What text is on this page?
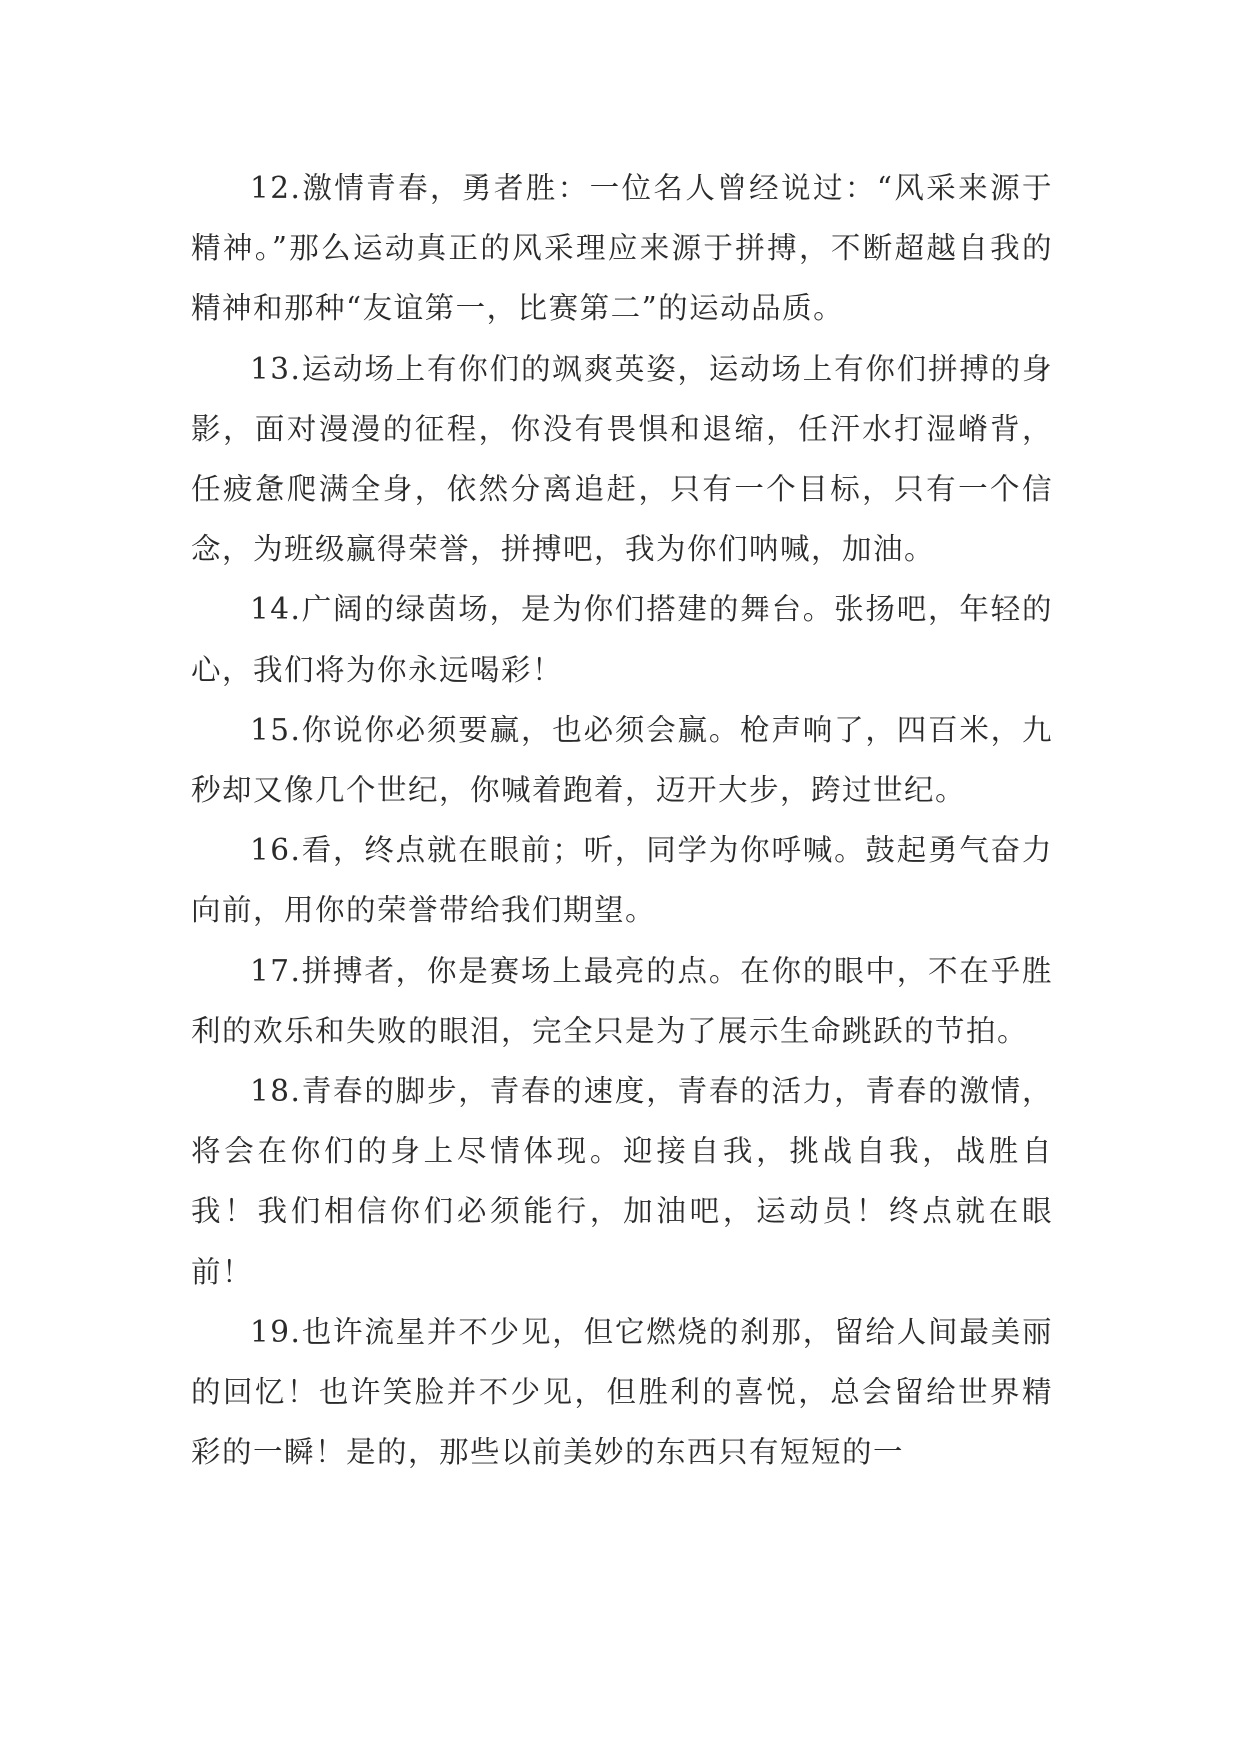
12.激情青春，勇者胜：一位名人曾经说过：“风采来源于精神。”那么运动真正的风采理应来源于拼搏，不断超越自我的精神和那种“友谊第一，比赛第二”的运动品质。

13.运动场上有你们的飒爽英姿，运动场上有你们拼搏的身影，面对漫漫的征程，你没有畏惧和退缩，任汗水打湿嵴背，任疲惫爬满全身，依然分离追赶，只有一个目标，只有一个信念，为班级赢得荣誉，拼搏吧，我为你们呐喊，加油。

14.广阔的绿茵场，是为你们搭建的舞台。张扬吧，年轻的心，我们将为你永远喝彩！

15.你说你必须要赢，也必须会赢。枪声响了，四百米，九秒却又像几个世纪，你喊着跑着，迈开大步，跨过世纪。

16.看，终点就在眼前；听，同学为你呼喊。鼓起勇气奋力向前，用你的荣誉带给我们期望。

17.拼搏者，你是赛场上最亮的点。在你的眼中，不在乎胜利的欢乐和失败的眼泪，完全只是为了展示生命跳跃的节拍。

18.青春的脚步，青春的速度，青春的活力，青春的激情，将会在你们的身上尽情体现。迎接自我，挑战自我，战胜自我！我们相信你们必须能行，加油吧，运动员！终点就在眼前！

19.也许流星并不少见，但它燃烧的刹那，留给人间最美丽的回忆！也许笑脸并不少见，但胜利的喜悦，总会留给世界精彩的一瞬！是的，那些以前美妙的东西只有短短的一
